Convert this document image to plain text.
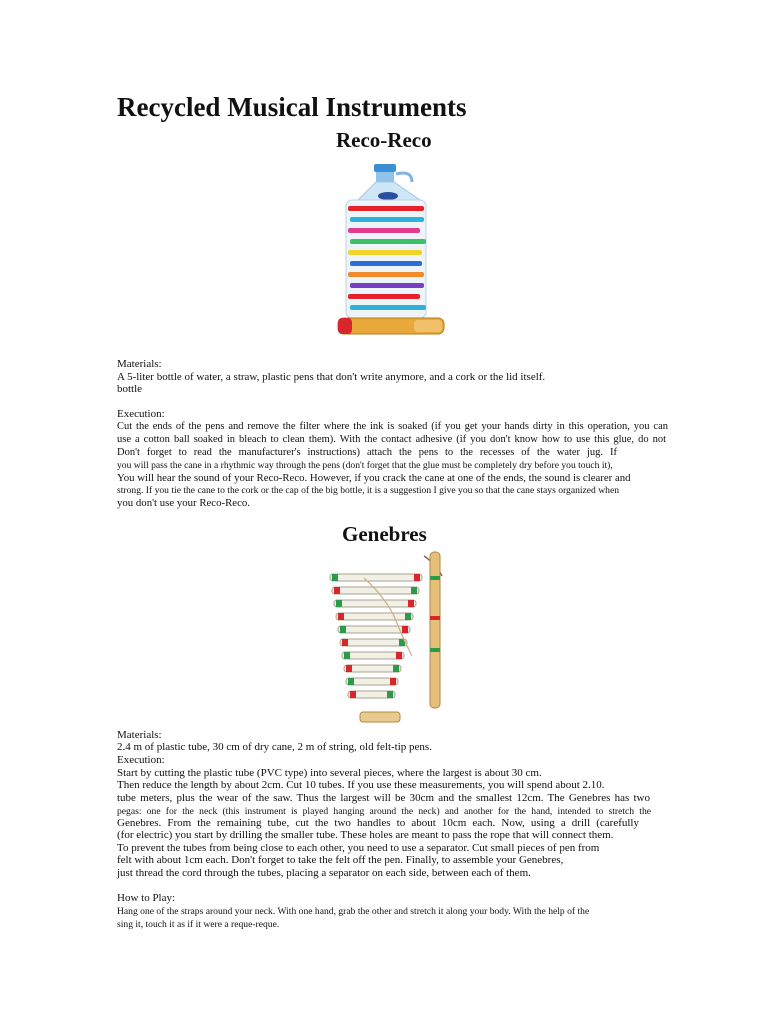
Recycled Musical Instruments
Reco-Reco
Materials:
A 5-liter bottle of water, a straw, plastic pens that don't write anymore, and a cork or the lid itself.
bottle
Execution:
Cut the ends of the pens and remove the filter where the ink is soaked (if you get your hands dirty in this operation, you can
use a cotton ball soaked in bleach to clean them). With the contact adhesive (if you don't know how to use this glue, do not
Don't forget to read the manufacturer's instructions) attach the pens to the recesses of the water jug. If
you will pass the cane in a rhythmic way through the pens (don't forget that the glue must be completely dry before you touch it),
You will hear the sound of your Reco-Reco. However, if you crack the cane at one of the ends, the sound is clearer and
strong. If you tie the cane to the cork or the cap of the big bottle, it is a suggestion I give you so that the cane stays organized when
you don't use your Reco-Reco.
Genebres
Materials:
2.4 m of plastic tube, 30 cm of dry cane, 2 m of string, old felt-tip pens.
Execution:
Start by cutting the plastic tube (PVC type) into several pieces, where the largest is about 30 cm.
Then reduce the length by about 2cm. Cut 10 tubes. If you use these measurements, you will spend about 2.10.
tube meters, plus the wear of the saw. Thus the largest will be 30cm and the smallest 12cm. The Genebres has two
pegas: one for the neck (this instrument is played hanging around the neck) and another for the hand, intended to stretch the
Genebres. From the remaining tube, cut the two handles to about 10cm each. Now, using a drill (carefully
(for electric) you start by drilling the smaller tube. These holes are meant to pass the rope that will connect them.
To prevent the tubes from being close to each other, you need to use a separator. Cut small pieces of pen from
felt with about 1cm each. Don't forget to take the felt off the pen. Finally, to assemble your Genebres,
just thread the cord through the tubes, placing a separator on each side, between each of them.
How to Play:
Hang one of the straps around your neck. With one hand, grab the other and stretch it along your body. With the help of the
sing it, touch it as if it were a reque-reque.
